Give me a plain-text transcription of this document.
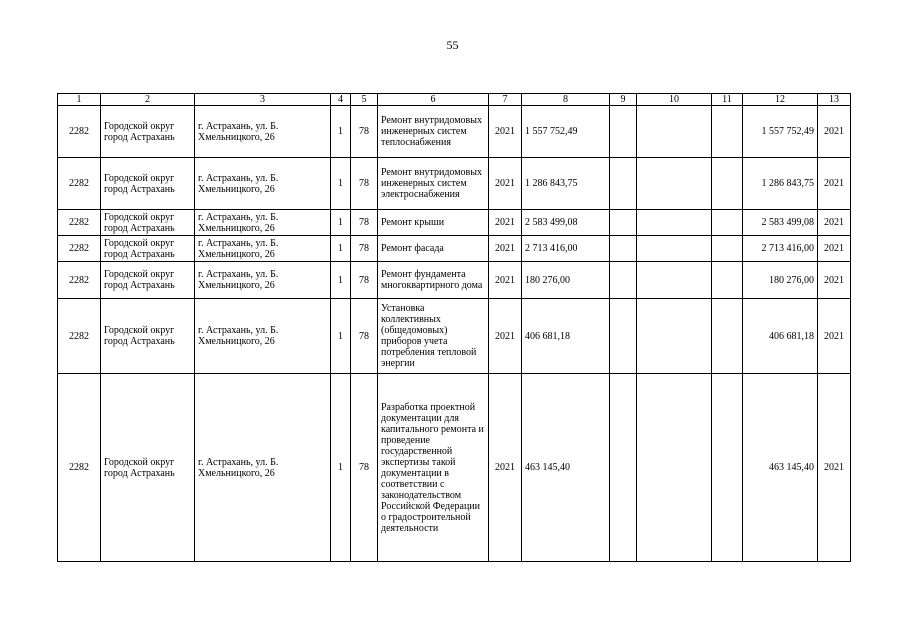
55
1	2	3	4	5	6	7	8	9	10	11	12	13
2282	Городской округ город Астрахань	г. Астрахань, ул. Б. Хмельницкого, 26	1	78	Ремонт внутридомовых инженерных систем теплоснабжения	2021	1 557 752,49				1 557 752,49	2021
2282	Городской округ город Астрахань	г. Астрахань, ул. Б. Хмельницкого, 26	1	78	Ремонт внутридомовых инженерных систем электроснабжения	2021	1 286 843,75				1 286 843,75	2021
2282	Городской округ город Астрахань	г. Астрахань, ул. Б. Хмельницкого, 26	1	78	Ремонт крыши	2021	2 583 499,08				2 583 499,08	2021
2282	Городской округ город Астрахань	г. Астрахань, ул. Б. Хмельницкого, 26	1	78	Ремонт фасада	2021	2 713 416,00				2 713 416,00	2021
2282	Городской округ город Астрахань	г. Астрахань, ул. Б. Хмельницкого, 26	1	78	Ремонт фундамента многоквартирного дома	2021	180 276,00				180 276,00	2021
2282	Городской округ город Астрахань	г. Астрахань, ул. Б. Хмельницкого, 26	1	78	Установка коллективных (общедомовых) приборов учета потребления тепловой энергии	2021	406 681,18				406 681,18	2021
2282	Городской округ город Астрахань	г. Астрахань, ул. Б. Хмельницкого, 26	1	78	Разработка проектной документации для капитального ремонта и проведение государственной экспертизы такой документации в соответствии с законодательством Российской Федерации о градостроительной деятельности	2021	463 145,40				463 145,40	2021
